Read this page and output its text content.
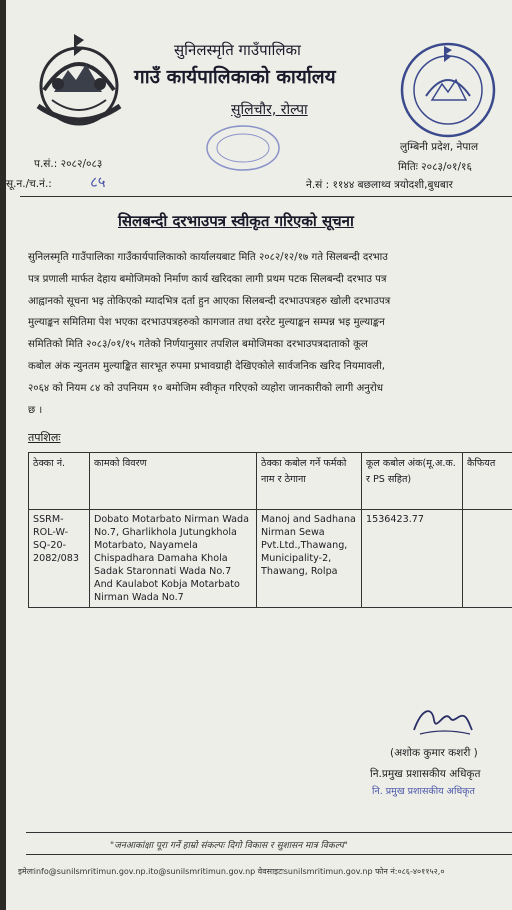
सुनिलस्मृति गाउँपालिका
गाउँ कार्यपालिकाको कार्यालय
सुलिचौर, रोल्पा
लुम्बिनी प्रदेश, नेपाल
प.सं.: २०८२/०८३	मितिः २०८३/०१/१६
सू.न./च.नं.:	८५	ने.सं : ११४४ बछलाथ्व त्रयोदशी,बुधबार
सिलबन्दी दरभाउपत्र स्वीकृत गरिएको सूचना
सुनिलस्मृति गाउँपालिका गाउँकार्यपालिकाको कार्यालयबाट मिति २०८२/१२/१७ गते सिलबन्दी दरभाउ
पत्र प्रणाली मार्फत देहाय बमोजिमको निर्माण कार्य खरिदका लागी प्रथम पटक सिलबन्दी दरभाउ पत्र
आह्वानको सूचना भइ तोकिएको म्यादभित्र दर्ता हुन आएका सिलबन्दी दरभाउपत्रहरु खोली दरभाउपत्र
मुल्याङ्कन समितिमा पेश भएका दरभाउपत्रहरुको कागजात तथा दररेट मुल्याङ्कन सम्पन्न भइ मुल्याङ्कन
समितिको मिति २०८३/०१/१५ गतेको निर्णयानुसार तपशिल बमोजिमका दरभाउपत्रदाताको कूल
कबोल अंक न्युनतम मुल्याङ्कित सारभूत रुपमा प्रभावग्राही देखिएकोले सार्वजनिक खरिद नियमावली,
२०६४ को नियम ८४ को उपनियम १० बमोजिम स्वीकृत गरिएको व्यहोरा जानकारीको लागी अनुरोध
छ ।
तपशिलः
ठेक्का नं.	कामको विवरण	ठेक्का कबोल गर्ने फर्मको नाम र ठेगाना	कूल कबोल अंक(मू.अ.क. र PS सहित)	कैफियत
SSRM-ROL-W-SQ-20-2082/083	Dobato Motarbato Nirman Wada No.7, Gharlikhola Jutungkhola Motarbato, Nayamela Chispadhara Damaha Khola Sadak Staronnati Wada No.7 And Kaulabot Kobja Motarbato Nirman Wada No.7	Manoj and Sadhana Nirman Sewa Pvt.Ltd.,Thawang, Municipality-2, Thawang, Rolpa	1536423.77	
(अशोक कुमार कशरी )
नि.प्रमुख प्रशासकीय अधिकृत
नि. प्रमुख प्रशासकीय अधिकृत
"जनआकांक्षा पूरा गर्ने हाम्रो संकल्पः दिगो विकास र सुशासन मात्र विकल्प"
इमेलःinfo@sunilsmritimun.gov.np.ito@sunilsmritimun.gov.np वेवसाइटःsunilsmritimun.gov.np फोन नं:०८६-४०११५२,०
